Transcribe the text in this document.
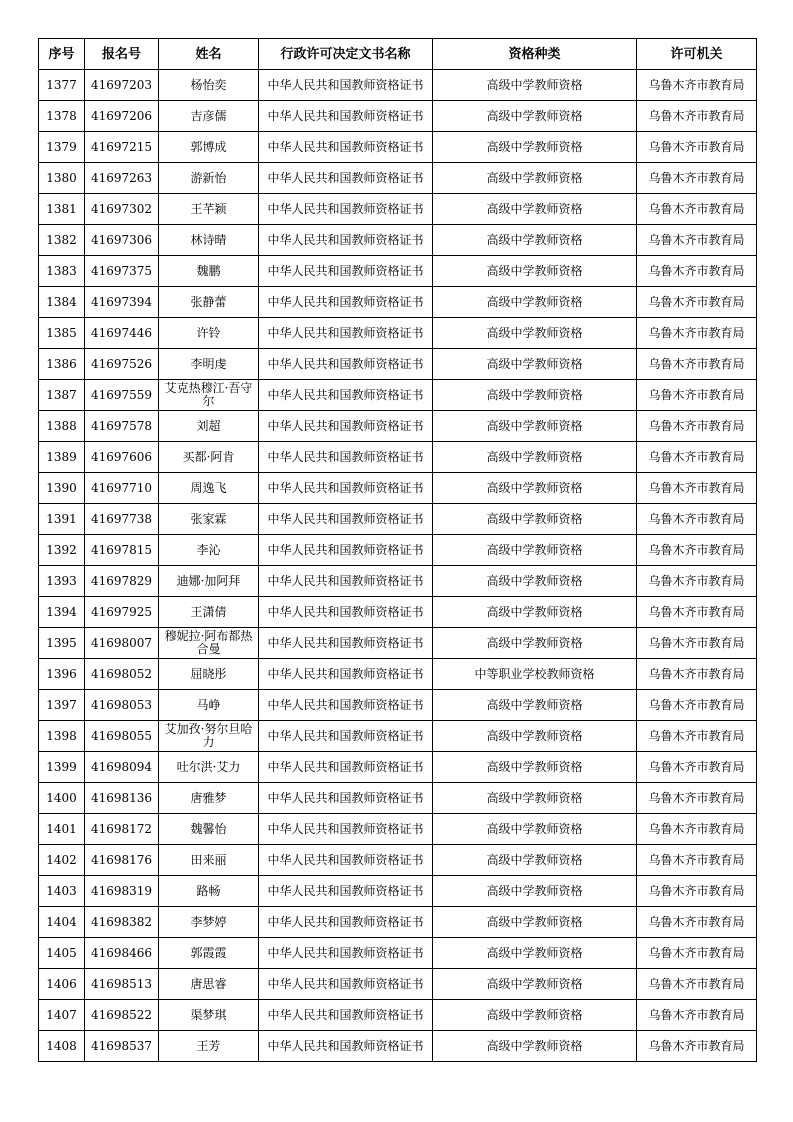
序号	报名号	姓名	行政许可决定文书名称	资格种类	许可机关
1377	41697203	杨怡奕	中华人民共和国教师资格证书	高级中学教师资格	乌鲁木齐市教育局
1378	41697206	吉彦儒	中华人民共和国教师资格证书	高级中学教师资格	乌鲁木齐市教育局
1379	41697215	郭博成	中华人民共和国教师资格证书	高级中学教师资格	乌鲁木齐市教育局
1380	41697263	游新怡	中华人民共和国教师资格证书	高级中学教师资格	乌鲁木齐市教育局
1381	41697302	王芊颖	中华人民共和国教师资格证书	高级中学教师资格	乌鲁木齐市教育局
1382	41697306	林诗晴	中华人民共和国教师资格证书	高级中学教师资格	乌鲁木齐市教育局
1383	41697375	魏鹏	中华人民共和国教师资格证书	高级中学教师资格	乌鲁木齐市教育局
1384	41697394	张静蕾	中华人民共和国教师资格证书	高级中学教师资格	乌鲁木齐市教育局
1385	41697446	许铃	中华人民共和国教师资格证书	高级中学教师资格	乌鲁木齐市教育局
1386	41697526	李明虔	中华人民共和国教师资格证书	高级中学教师资格	乌鲁木齐市教育局
1387	41697559	艾克热穆江·吾守尔	中华人民共和国教师资格证书	高级中学教师资格	乌鲁木齐市教育局
1388	41697578	刘超	中华人民共和国教师资格证书	高级中学教师资格	乌鲁木齐市教育局
1389	41697606	买都·阿肯	中华人民共和国教师资格证书	高级中学教师资格	乌鲁木齐市教育局
1390	41697710	周逸飞	中华人民共和国教师资格证书	高级中学教师资格	乌鲁木齐市教育局
1391	41697738	张家霖	中华人民共和国教师资格证书	高级中学教师资格	乌鲁木齐市教育局
1392	41697815	李沁	中华人民共和国教师资格证书	高级中学教师资格	乌鲁木齐市教育局
1393	41697829	迪娜·加阿拜	中华人民共和国教师资格证书	高级中学教师资格	乌鲁木齐市教育局
1394	41697925	王潇倩	中华人民共和国教师资格证书	高级中学教师资格	乌鲁木齐市教育局
1395	41698007	穆妮拉·阿布都热合曼	中华人民共和国教师资格证书	高级中学教师资格	乌鲁木齐市教育局
1396	41698052	屈晓彤	中华人民共和国教师资格证书	中等职业学校教师资格	乌鲁木齐市教育局
1397	41698053	马峥	中华人民共和国教师资格证书	高级中学教师资格	乌鲁木齐市教育局
1398	41698055	艾加孜·努尔旦哈力	中华人民共和国教师资格证书	高级中学教师资格	乌鲁木齐市教育局
1399	41698094	吐尔洪·艾力	中华人民共和国教师资格证书	高级中学教师资格	乌鲁木齐市教育局
1400	41698136	唐雅梦	中华人民共和国教师资格证书	高级中学教师资格	乌鲁木齐市教育局
1401	41698172	魏馨怡	中华人民共和国教师资格证书	高级中学教师资格	乌鲁木齐市教育局
1402	41698176	田来丽	中华人民共和国教师资格证书	高级中学教师资格	乌鲁木齐市教育局
1403	41698319	路畅	中华人民共和国教师资格证书	高级中学教师资格	乌鲁木齐市教育局
1404	41698382	李梦婷	中华人民共和国教师资格证书	高级中学教师资格	乌鲁木齐市教育局
1405	41698466	郭霞霞	中华人民共和国教师资格证书	高级中学教师资格	乌鲁木齐市教育局
1406	41698513	唐思睿	中华人民共和国教师资格证书	高级中学教师资格	乌鲁木齐市教育局
1407	41698522	渠梦琪	中华人民共和国教师资格证书	高级中学教师资格	乌鲁木齐市教育局
1408	41698537	王芳	中华人民共和国教师资格证书	高级中学教师资格	乌鲁木齐市教育局
